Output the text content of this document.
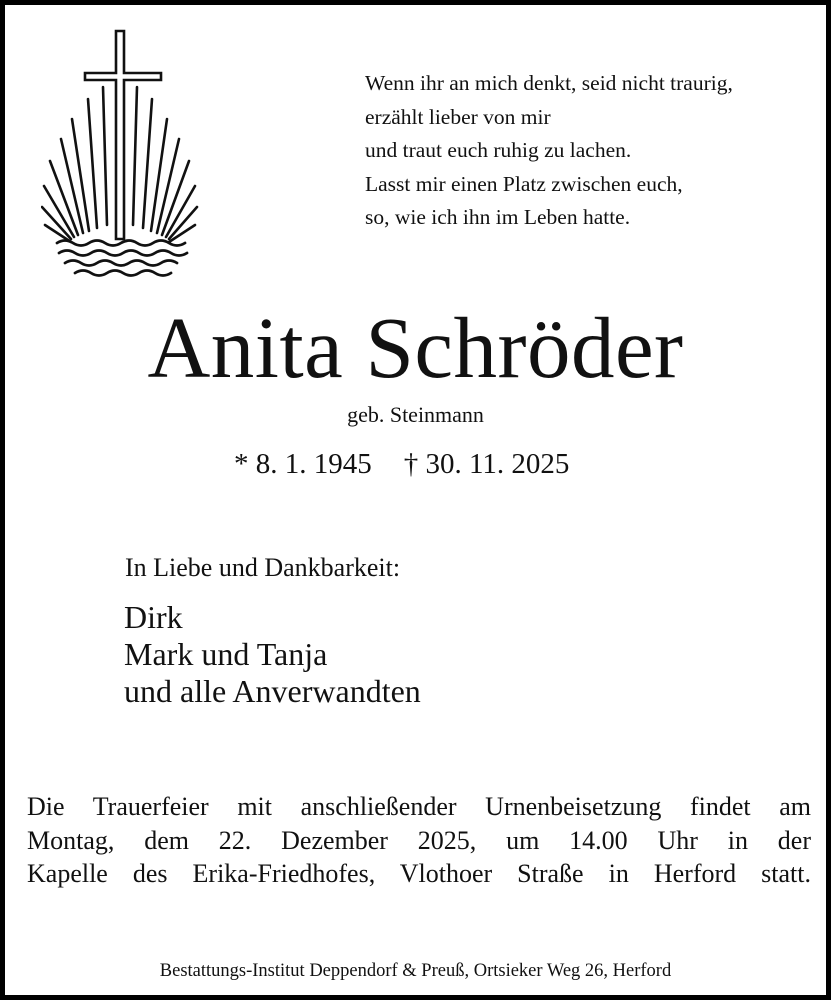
Wenn ihr an mich denkt, seid nicht traurig,
erzählt lieber von mir
und traut euch ruhig zu lachen.
Lasst mir einen Platz zwischen euch,
so, wie ich ihn im Leben hatte.
Anita Schröder
geb. Steinmann
* 8. 1. 1945 † 30. 11. 2025
In Liebe und Dankbarkeit:
Dirk
Mark und Tanja
und alle Anverwandten
Die Trauerfeier mit anschließender Urnenbeisetzung findet am
Montag, dem 22. Dezember 2025, um 14.00 Uhr in der
Kapelle des Erika-Friedhofes, Vlothoer Straße in Herford statt.
Bestattungs-Institut Deppendorf & Preuß, Ortsieker Weg 26, Herford
